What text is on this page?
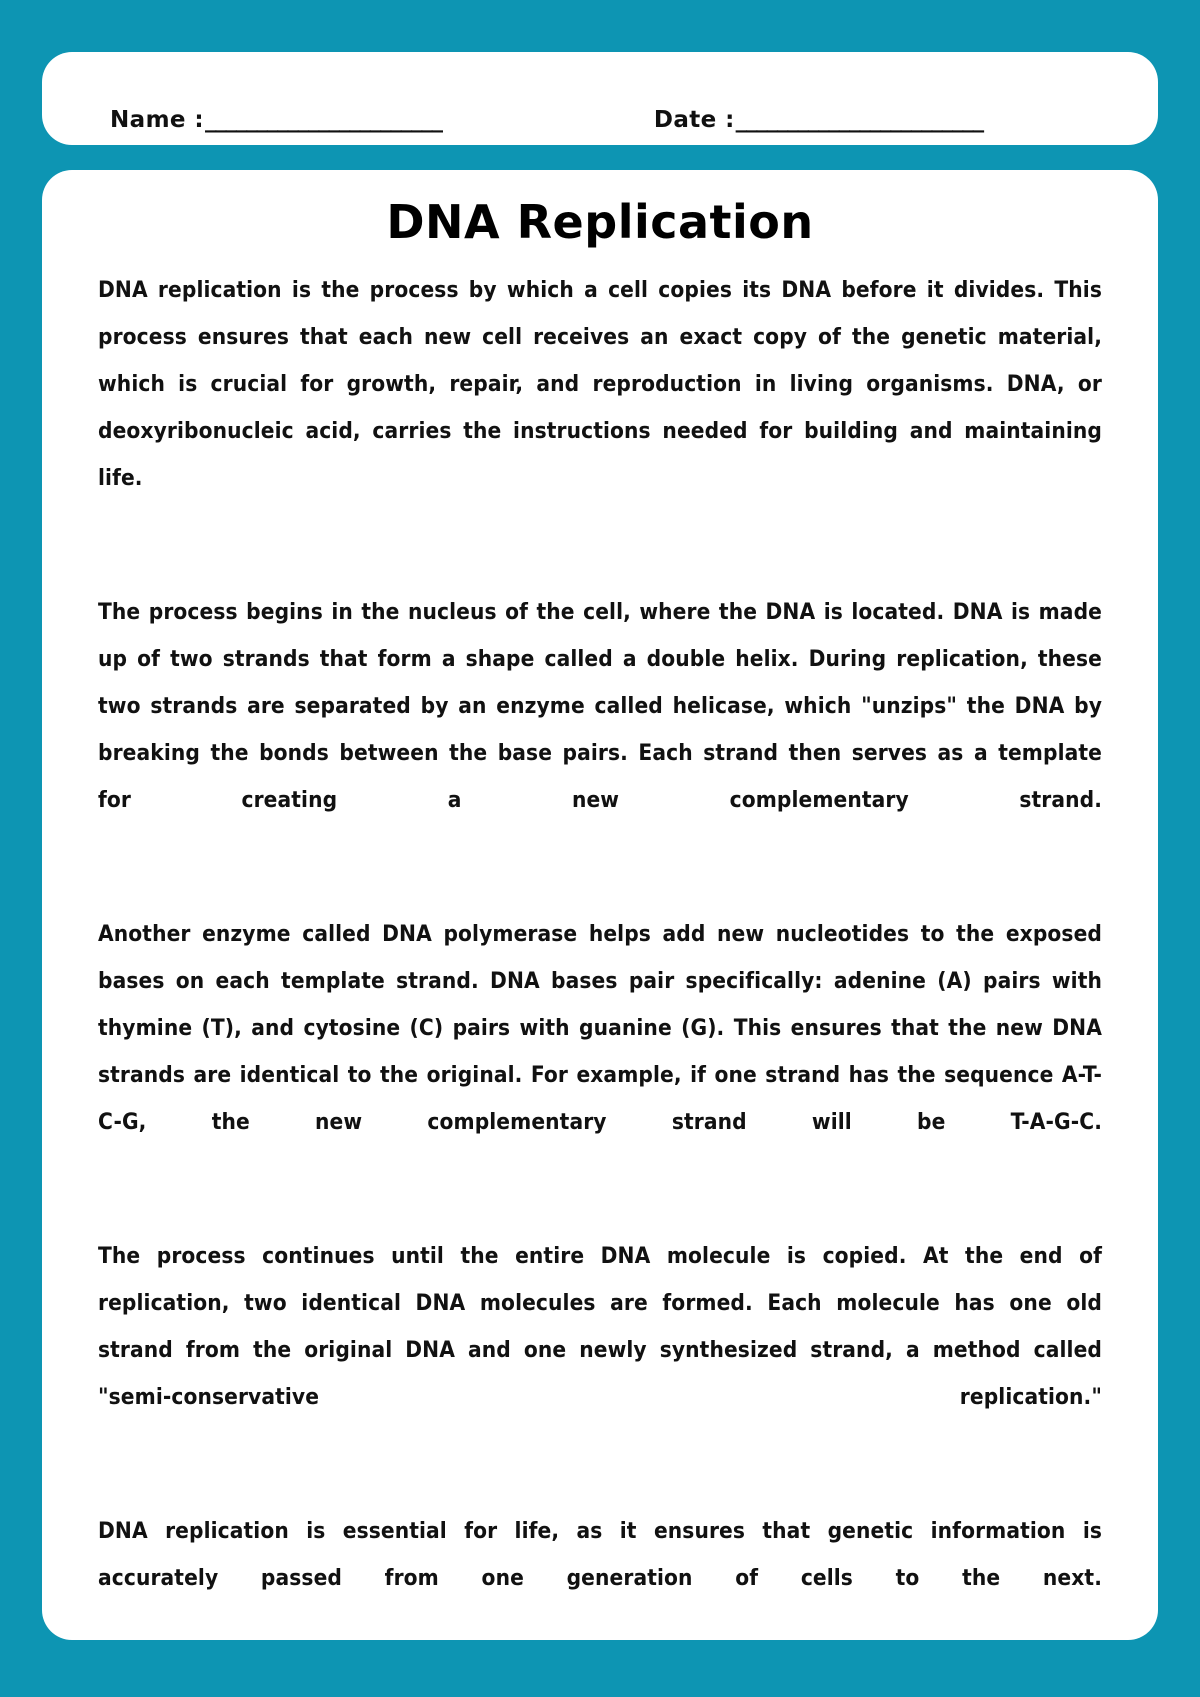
Name : _______________________	Date : ________________________
DNA Replication

DNA replication is the process by which a cell copies its DNA before it divides. This process ensures that each new cell receives an exact copy of the genetic material, which is crucial for growth, repair, and reproduction in living organisms. DNA, or deoxyribonucleic acid, carries the instructions needed for building and maintaining life.

The process begins in the nucleus of the cell, where the DNA is located. DNA is made up of two strands that form a shape called a double helix. During replication, these two strands are separated by an enzyme called helicase, which "unzips" the DNA by breaking the bonds between the base pairs. Each strand then serves as a template for creating a new complementary strand.

Another enzyme called DNA polymerase helps add new nucleotides to the exposed bases on each template strand. DNA bases pair specifically: adenine (A) pairs with thymine (T), and cytosine (C) pairs with guanine (G). This ensures that the new DNA strands are identical to the original. For example, if one strand has the sequence A-T-C-G, the new complementary strand will be T-A-G-C.

The process continues until the entire DNA molecule is copied. At the end of replication, two identical DNA molecules are formed. Each molecule has one old strand from the original DNA and one newly synthesized strand, a method called "semi-conservative replication."

DNA replication is essential for life, as it ensures that genetic information is accurately passed from one generation of cells to the next.
